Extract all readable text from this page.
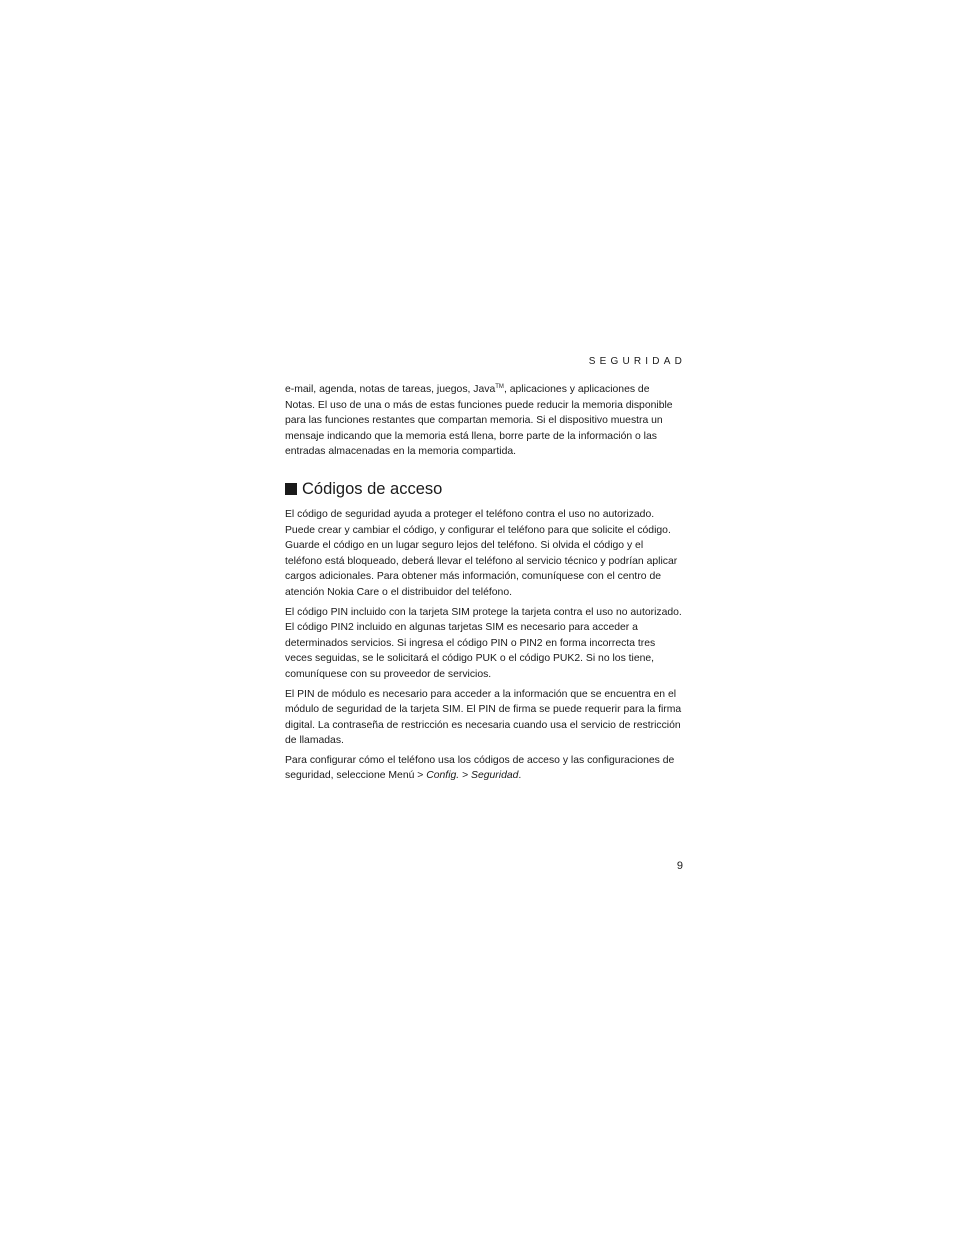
SEGURIDAD

e-mail, agenda, notas de tareas, juegos, Java™, aplicaciones y aplicaciones de Notas. El uso de una o más de estas funciones puede reducir la memoria disponible para las funciones restantes que compartan memoria. Si el dispositivo muestra un mensaje indicando que la memoria está llena, borre parte de la información o las entradas almacenadas en la memoria compartida.

Códigos de acceso

El código de seguridad ayuda a proteger el teléfono contra el uso no autorizado. Puede crear y cambiar el código, y configurar el teléfono para que solicite el código. Guarde el código en un lugar seguro lejos del teléfono. Si olvida el código y el teléfono está bloqueado, deberá llevar el teléfono al servicio técnico y podrían aplicar cargos adicionales. Para obtener más información, comuníquese con el centro de atención Nokia Care o el distribuidor del teléfono.

El código PIN incluido con la tarjeta SIM protege la tarjeta contra el uso no autorizado. El código PIN2 incluido en algunas tarjetas SIM es necesario para acceder a determinados servicios. Si ingresa el código PIN o PIN2 en forma incorrecta tres veces seguidas, se le solicitará el código PUK o el código PUK2. Si no los tiene, comuníquese con su proveedor de servicios.

El PIN de módulo es necesario para acceder a la información que se encuentra en el módulo de seguridad de la tarjeta SIM. El PIN de firma se puede requerir para la firma digital. La contraseña de restricción es necesaria cuando usa el servicio de restricción de llamadas.

Para configurar cómo el teléfono usa los códigos de acceso y las configuraciones de seguridad, seleccione Menú > Config. > Seguridad.

9
